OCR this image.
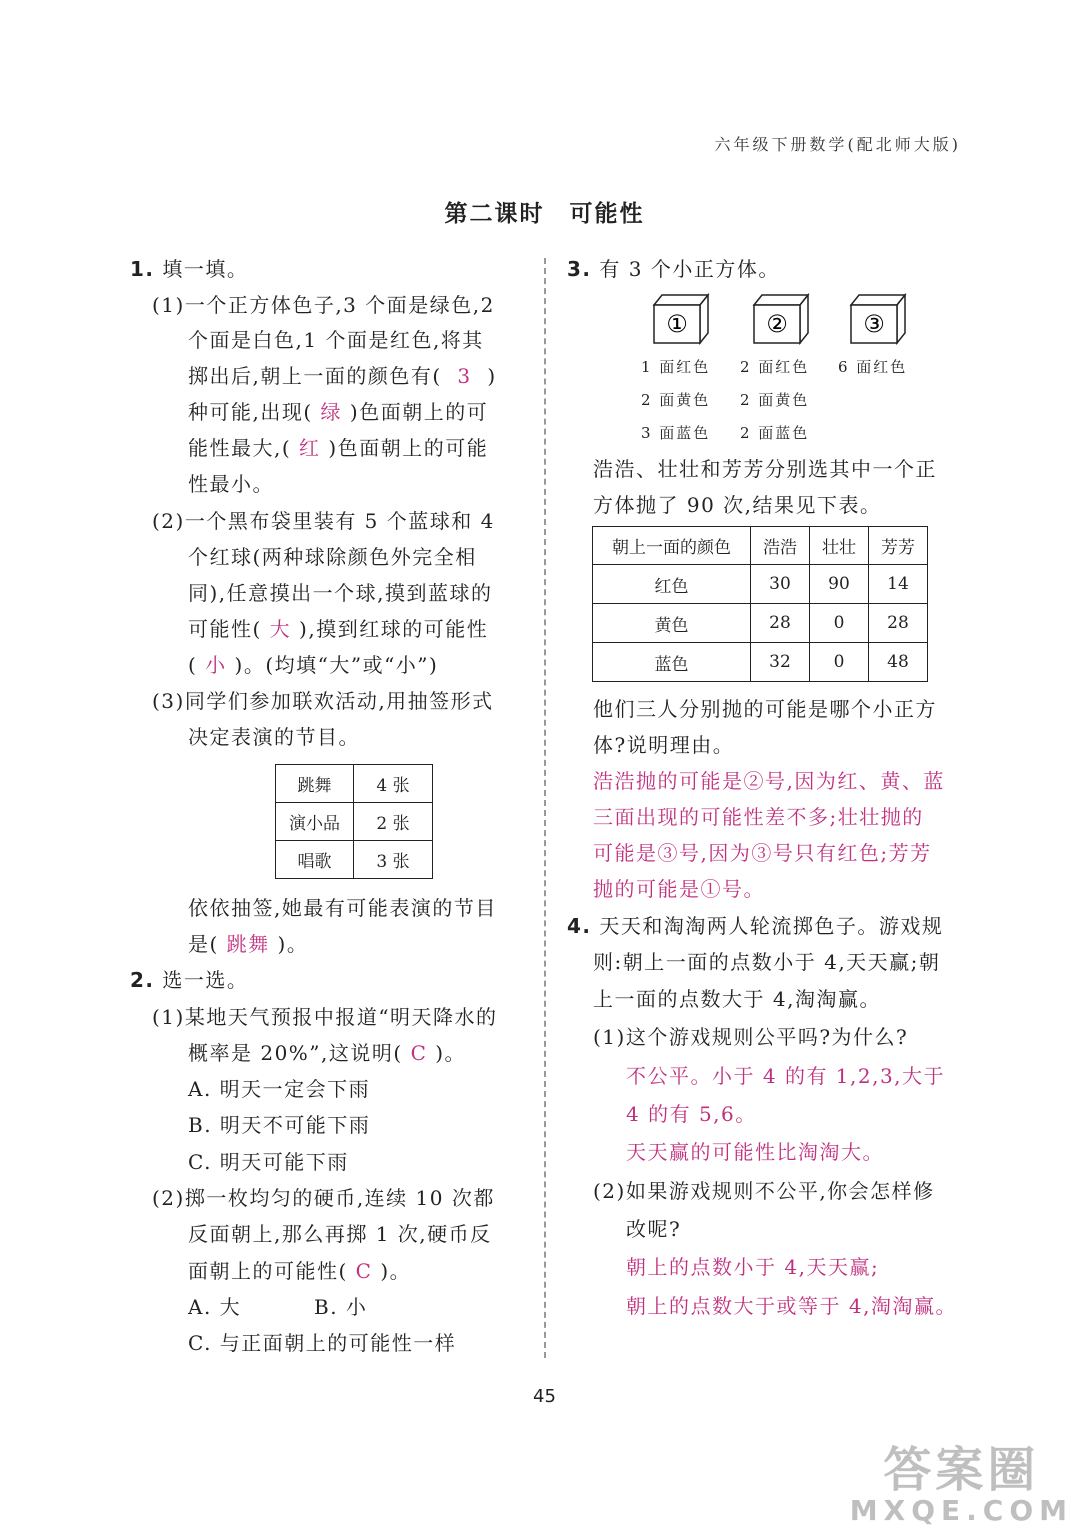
六年级下册数学(配北师大版)
第二课时　可能性
1. 填一填。
(1)一个正方体色子,3 个面是绿色,2
个面是白色,1 个面是红色,将其
掷出后,朝上一面的颜色有( 3 )
种可能,出现( 绿 )色面朝上的可
能性最大,( 红 )色面朝上的可能
性最小。
(2)一个黑布袋里装有 5 个蓝球和 4
个红球(两种球除颜色外完全相
同),任意摸出一个球,摸到蓝球的
可能性( 大 ),摸到红球的可能性
( 小 )。(均填“大”或“小”)
(3)同学们参加联欢活动,用抽签形式
决定表演的节目。
跳舞	4 张
演小品	2 张
唱歌	3 张
依依抽签,她最有可能表演的节目
是( 跳舞 )。
2. 选一选。
(1)某地天气预报中报道“明天降水的
概率是 20%”,这说明( C )。
A. 明天一定会下雨
B. 明天不可能下雨
C. 明天可能下雨
(2)掷一枚均匀的硬币,连续 10 次都
反面朝上,那么再掷 1 次,硬币反
面朝上的可能性( C )。
A. 大	B. 小
C. 与正面朝上的可能性一样
3. 有 3 个小正方体。
①	②	③
1 面红色
2 面黄色
3 面蓝色
2 面红色
2 面黄色
2 面蓝色
6 面红色
浩浩、壮壮和芳芳分别选其中一个正
方体抛了 90 次,结果见下表。
朝上一面的颜色	浩浩	壮壮	芳芳
红色	30	90	14
黄色	28	0	28
蓝色	32	0	48
他们三人分别抛的可能是哪个小正方
体?说明理由。
浩浩抛的可能是②号,因为红、黄、蓝
三面出现的可能性差不多;壮壮抛的
可能是③号,因为③号只有红色;芳芳
抛的可能是①号。
4. 天天和淘淘两人轮流掷色子。游戏规
则:朝上一面的点数小于 4,天天赢;朝
上一面的点数大于 4,淘淘赢。
(1)这个游戏规则公平吗?为什么?
不公平。小于 4 的有 1,2,3,大于
4 的有 5,6。
天天赢的可能性比淘淘大。
(2)如果游戏规则不公平,你会怎样修
改呢?
朝上的点数小于 4,天天赢;
朝上的点数大于或等于 4,淘淘赢。
45
答案圈
MXQE.COM
